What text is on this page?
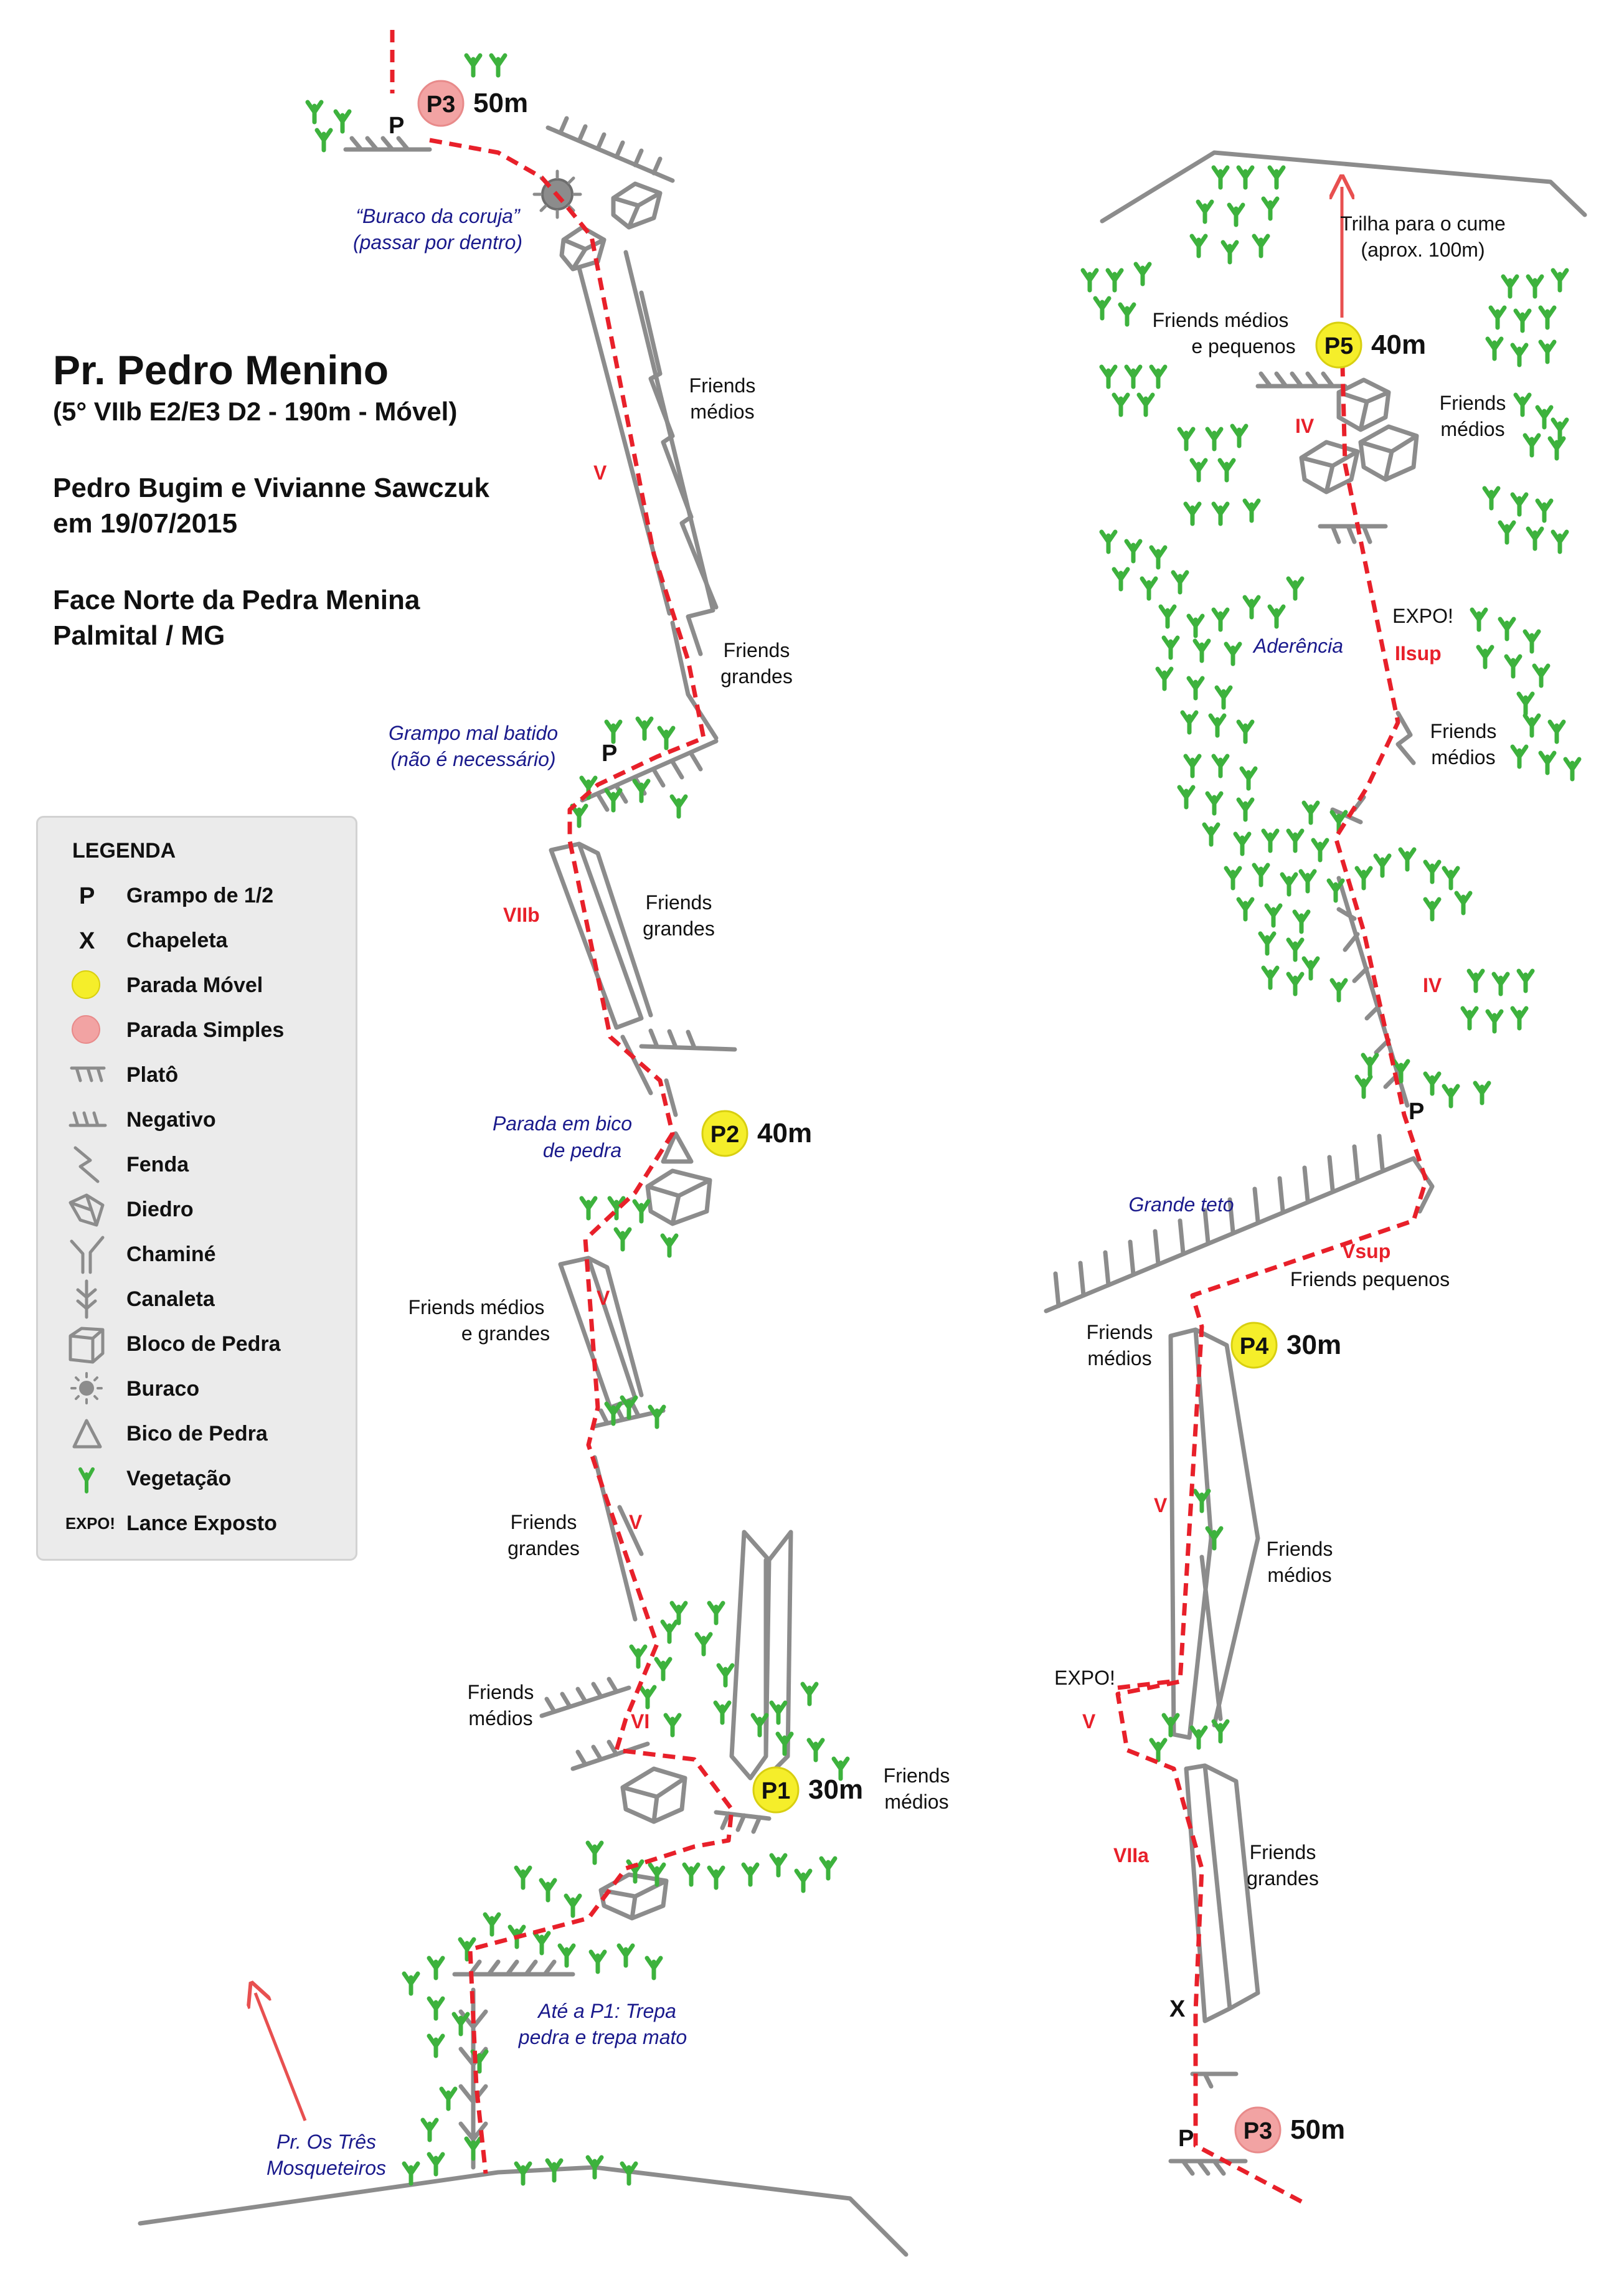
P3 50m
P2 40m
P1 30m
P5 40m
P4 30m
P3 50m
P
P
P
P
X
Pr. Pedro Menino
(5° VIIb E2/E3 D2 - 190m - Móvel)
Pedro Bugim e Vivianne Sawczuk
em 19/07/2015
Face Norte da Pedra Menina
Palmital / MG
V
VIIb
V
V
VI
VIIa
V
V
Vsup
IV
IIsup
IV
“Buraco da coruja”
(passar por dentro)
Grampo mal batido
(não é necessário)
Parada em bico
de pedra
Até a P1: Trepa
pedra e trepa mato
Pr. Os Três
Mosqueteiros
Aderência
Grande teto
Friends
médios
Friends
grandes
Friends
grandes
Friends médios
e grandes
Friends
grandes
Friends
médios
Friends
médios
Trilha para o cume
(aprox. 100m)
Friends médios
e pequenos
Friends
médios
EXPO!
Friends
médios
Friends pequenos
Friends
médios
Friends
médios
EXPO!
Friends
grandes
LEGENDA
P Grampo de 1/2
X Chapeleta
Parada Móvel
Parada Simples
Platô
Negativo
Fenda
Diedro
Chaminé
Canaleta
Bloco de Pedra
Buraco
Bico de Pedra
Vegetação
EXPO! Lance Exposto
